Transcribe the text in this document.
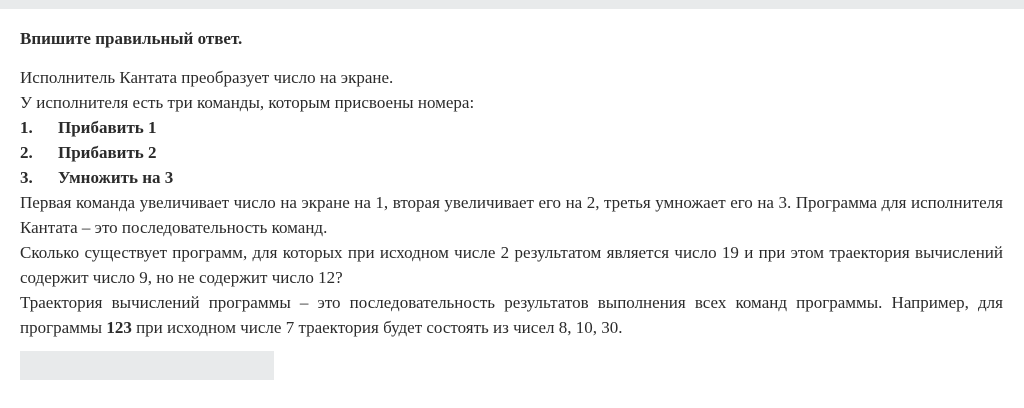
Впишите правильный ответ.

Исполнитель Кантата преобразует число на экране.

У исполнителя есть три команды, которым присвоены номера:

1.	Прибавить 1
2.	Прибавить 2
3.	Умножить на 3

Первая команда увеличивает число на экране на 1, вторая увеличивает его на 2, третья умножает его на 3. Программа для исполнителя Кантата – это последовательность команд.

Сколько существует программ, для которых при исходном числе 2 результатом является число 19 и при этом траектория вычислений содержит число 9, но не содержит число 12?

Траектория вычислений программы – это последовательность результатов выполнения всех команд программы. Например, для программы 123 при исходном числе 7 траектория будет состоять из чисел 8, 10, 30.
